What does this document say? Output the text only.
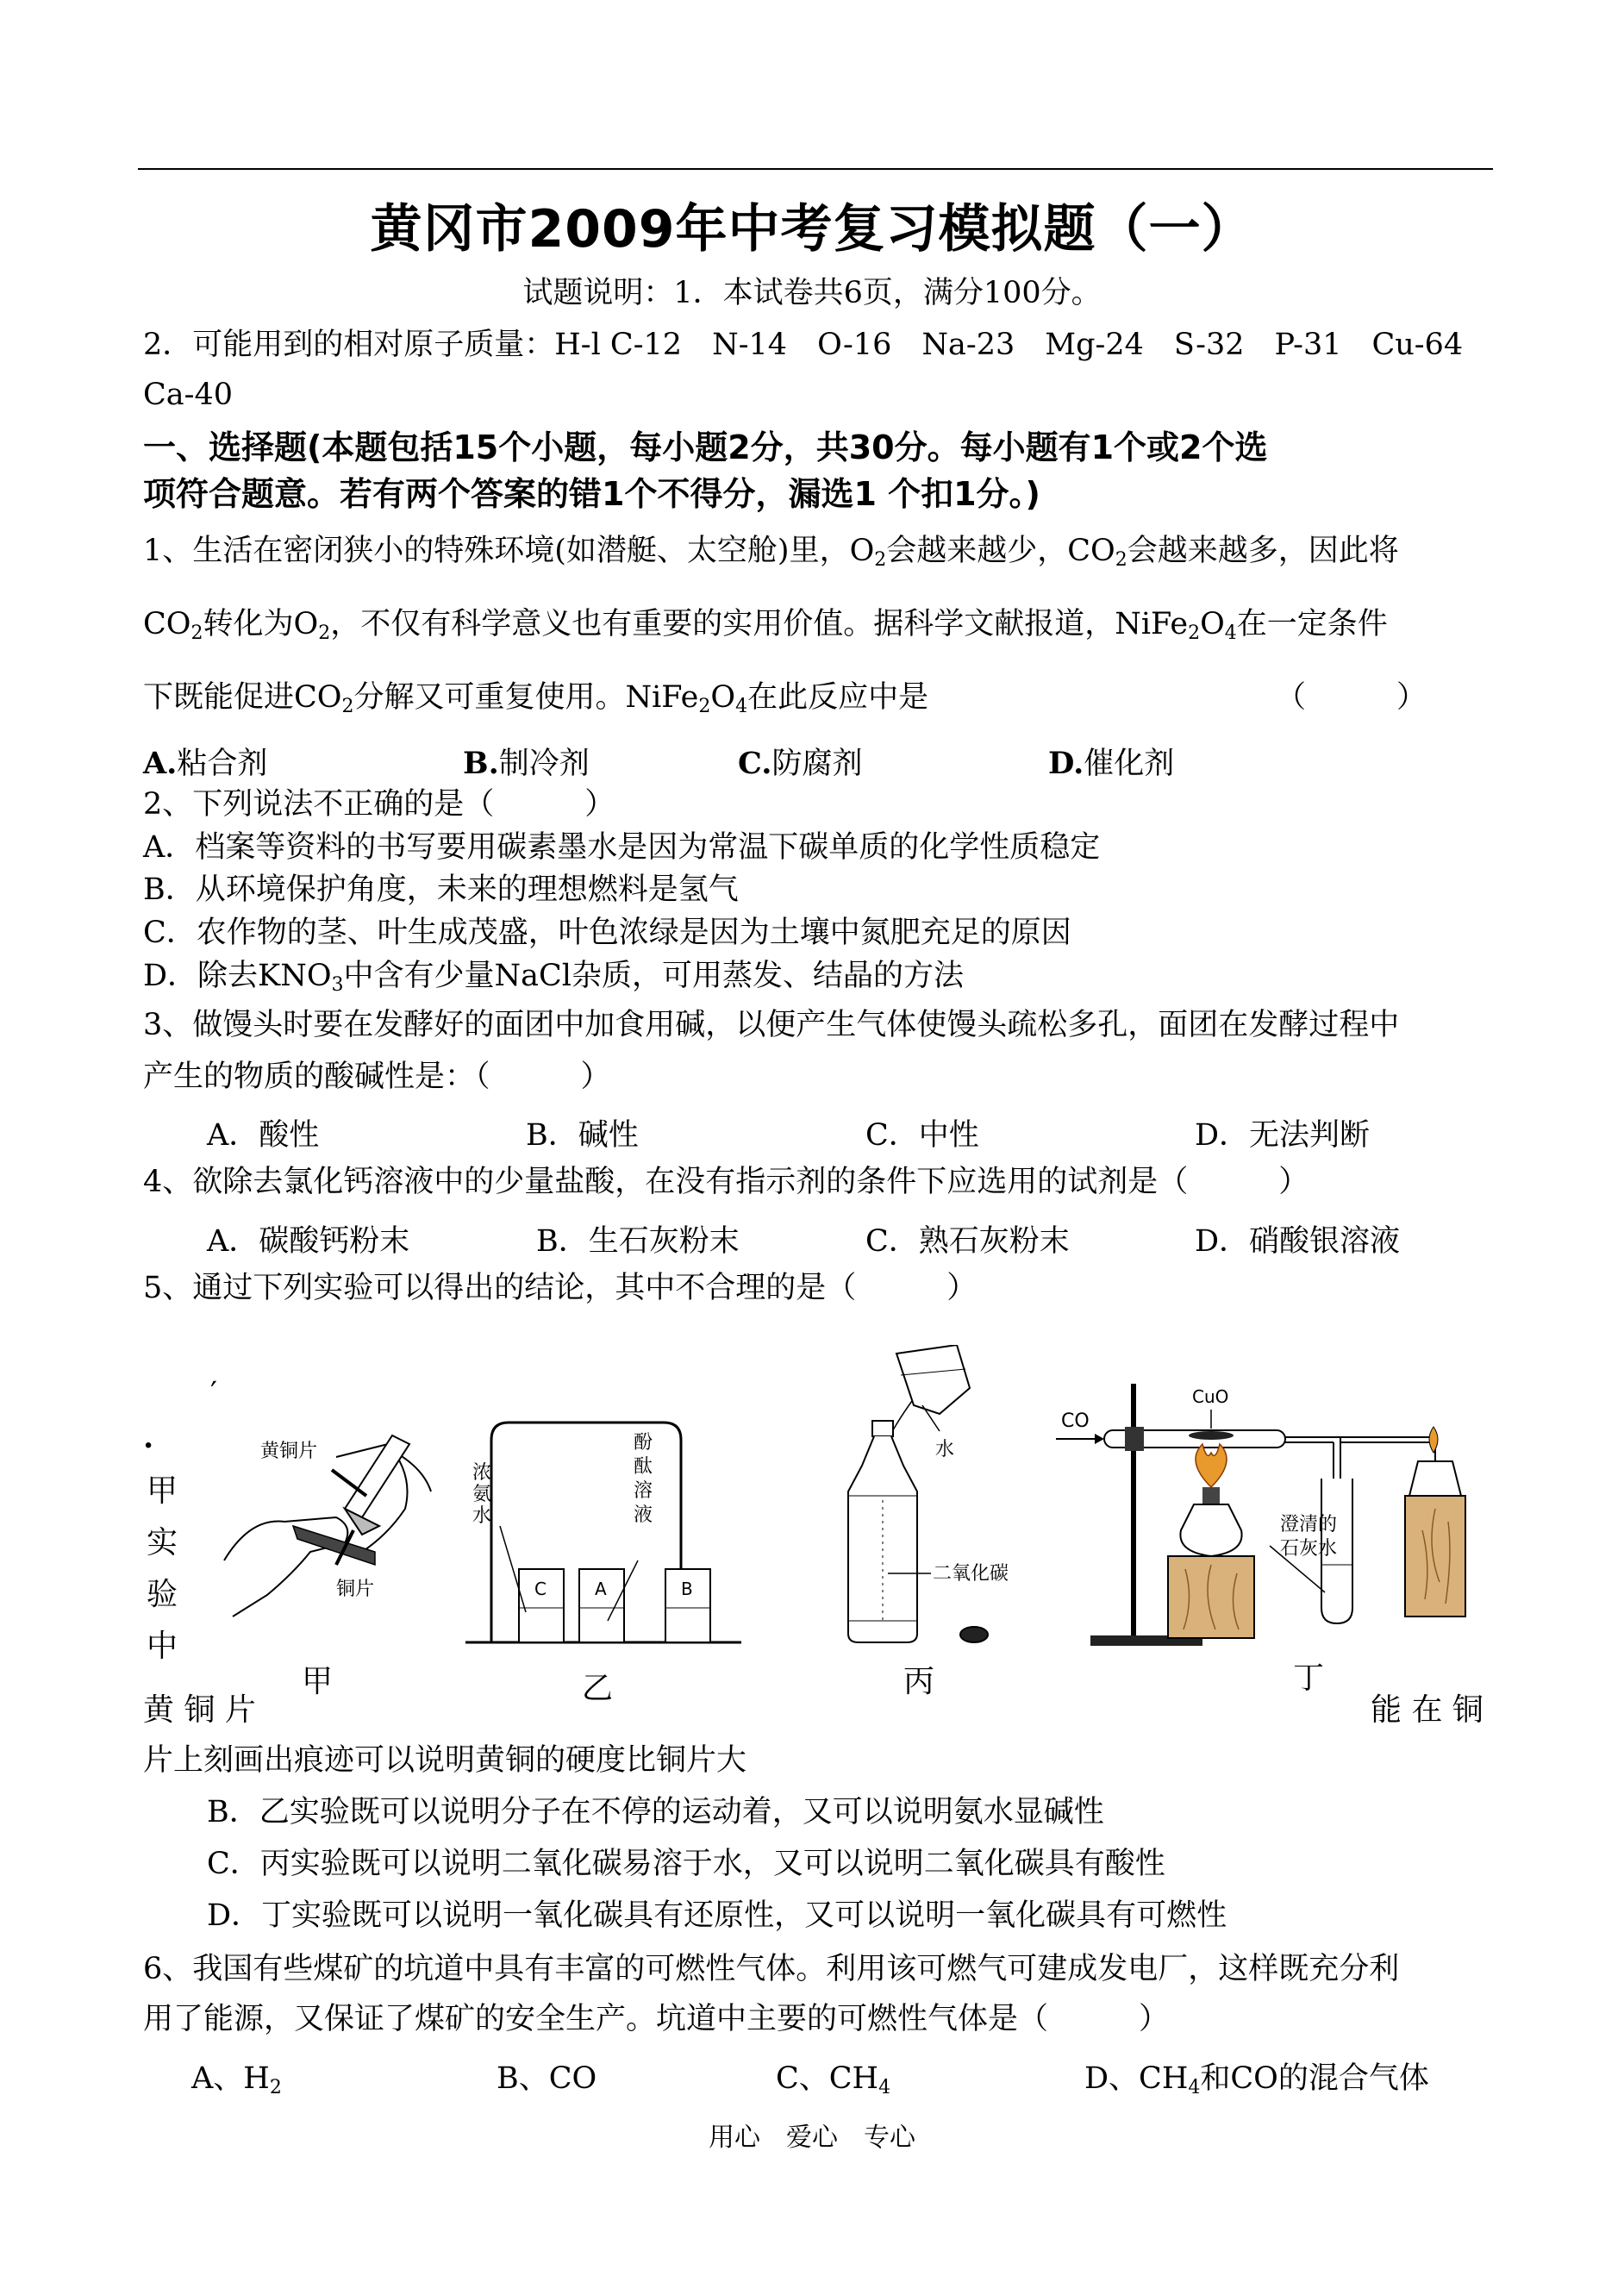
黄冈市2009年中考复习模拟题（一）
试题说明：1．本试卷共6页，满分100分。
2．可能用到的相对原子质量：H-l C-12　N-14　O-16　Na-23　Mg-24　S-32　P-31　Cu-64
Ca-40
一、选择题(本题包括15个小题，每小题2分，共30分。每小题有1个或2个选
项符合题意。若有两个答案的错1个不得分，漏选1 个扣1分。)
1、生活在密闭狭小的特殊环境(如潜艇、太空舱)里，$O_2$会越来越少，$CO_2$会越来越多，因此将
$CO_2$转化为$O_2$，不仅有科学意义也有重要的实用价值。据科学文献报道，$NiFe_2O_4$在一定条件
下既能促进$CO_2$分解又可重复使用。$NiFe_2O_4$在此反应中是	（　　　）
A.粘合剂	B.制冷剂	C.防腐剂	D.催化剂
2、下列说法不正确的是（　　　）
A．档案等资料的书写要用碳素墨水是因为常温下碳单质的化学性质稳定
B．从环境保护角度，未来的理想燃料是氢气
C．农作物的茎、叶生成茂盛，叶色浓绿是因为土壤中氮肥充足的原因
D．除去$KNO_3$中含有少量NaCl杂质，可用蒸发、结晶的方法
3、做馒头时要在发酵好的面团中加食用碱，以便产生气体使馒头疏松多孔，面团在发酵过程中
产生的物质的酸碱性是：（　　　）
A．酸性	B．碱性	C．中性	D．无法判断
4、欲除去氯化钙溶液中的少量盐酸，在没有指示剂的条件下应选用的试剂是（　　　）
A．碳酸钙粉末	B．生石灰粉末	C．熟石灰粉末	D．硝酸银溶液
5、通过下列实验可以得出的结论，其中不合理的是（　　　）
′
.
甲
实
验
中
黄铜片
铜片
甲
C	A	B
浓
氨
水
酚
酞
溶
液
乙
水
二氧化碳
丙
CO
CuO
澄清的
石灰水
丁
黄 铜 片	能 在 铜
片上刻画出痕迹可以说明黄铜的硬度比铜片大
B．乙实验既可以说明分子在不停的运动着，又可以说明氨水显碱性
C．丙实验既可以说明二氧化碳易溶于水，又可以说明二氧化碳具有酸性
D．丁实验既可以说明一氧化碳具有还原性，又可以说明一氧化碳具有可燃性
6、我国有些煤矿的坑道中具有丰富的可燃性气体。利用该可燃气可建成发电厂，这样既充分利
用了能源，又保证了煤矿的安全生产。坑道中主要的可燃性气体是（　　　）
A、$H_2$	B、CO	C、$CH_4$	D、$CH_4$和CO的混合气体
用心　爱心　专心
